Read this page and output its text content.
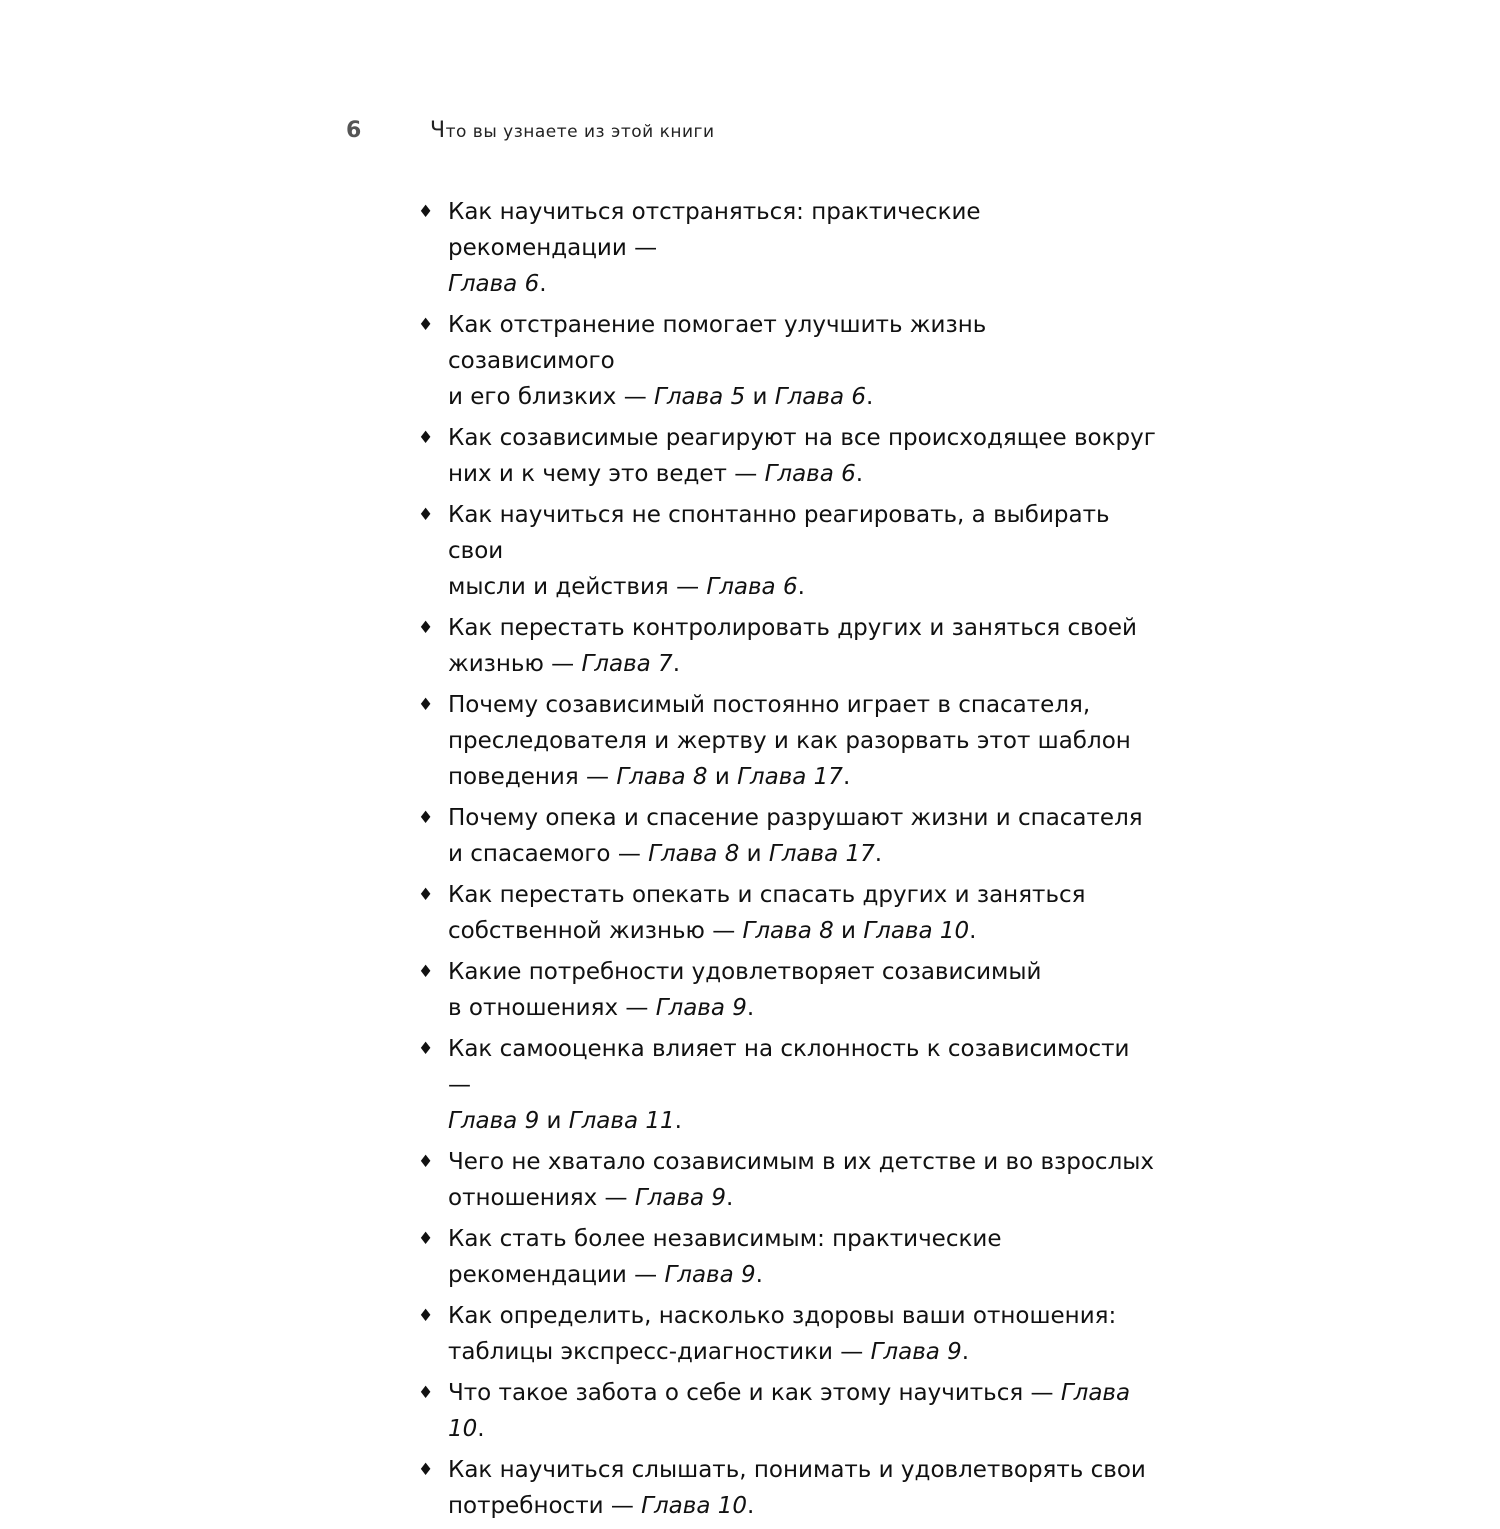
6	Что вы узнаете из этой книги
♦ Как научиться отстраняться: практические рекомендации —
Глава 6.
♦ Как отстранение помогает улучшить жизнь созависимого
и его близких — Глава 5 и Глава 6.
♦ Как созависимые реагируют на все происходящее вокруг
них и к чему это ведет — Глава 6.
♦ Как научиться не спонтанно реагировать, а выбирать свои
мысли и действия — Глава 6.
♦ Как перестать контролировать других и заняться своей
жизнью — Глава 7.
♦ Почему созависимый постоянно играет в спасателя,
преследователя и жертву и как разорвать этот шаблон
поведения — Глава 8 и Глава 17.
♦ Почему опека и спасение разрушают жизни и спасателя
и спасаемого — Глава 8 и Глава 17.
♦ Как перестать опекать и спасать других и заняться
собственной жизнью — Глава 8 и Глава 10.
♦ Какие потребности удовлетворяет созависимый
в отношениях — Глава 9.
♦ Как самооценка влияет на склонность к созависимости —
Глава 9 и Глава 11.
♦ Чего не хватало созависимым в их детстве и во взрослых
отношениях — Глава 9.
♦ Как стать более независимым: практические
рекомендации — Глава 9.
♦ Как определить, насколько здоровы ваши отношения:
таблицы экспресс-диагностики — Глава 9.
♦ Что такое забота о себе и как этому научиться — Глава 10.
♦ Как научиться слышать, понимать и удовлетворять свои
потребности — Глава 10.
